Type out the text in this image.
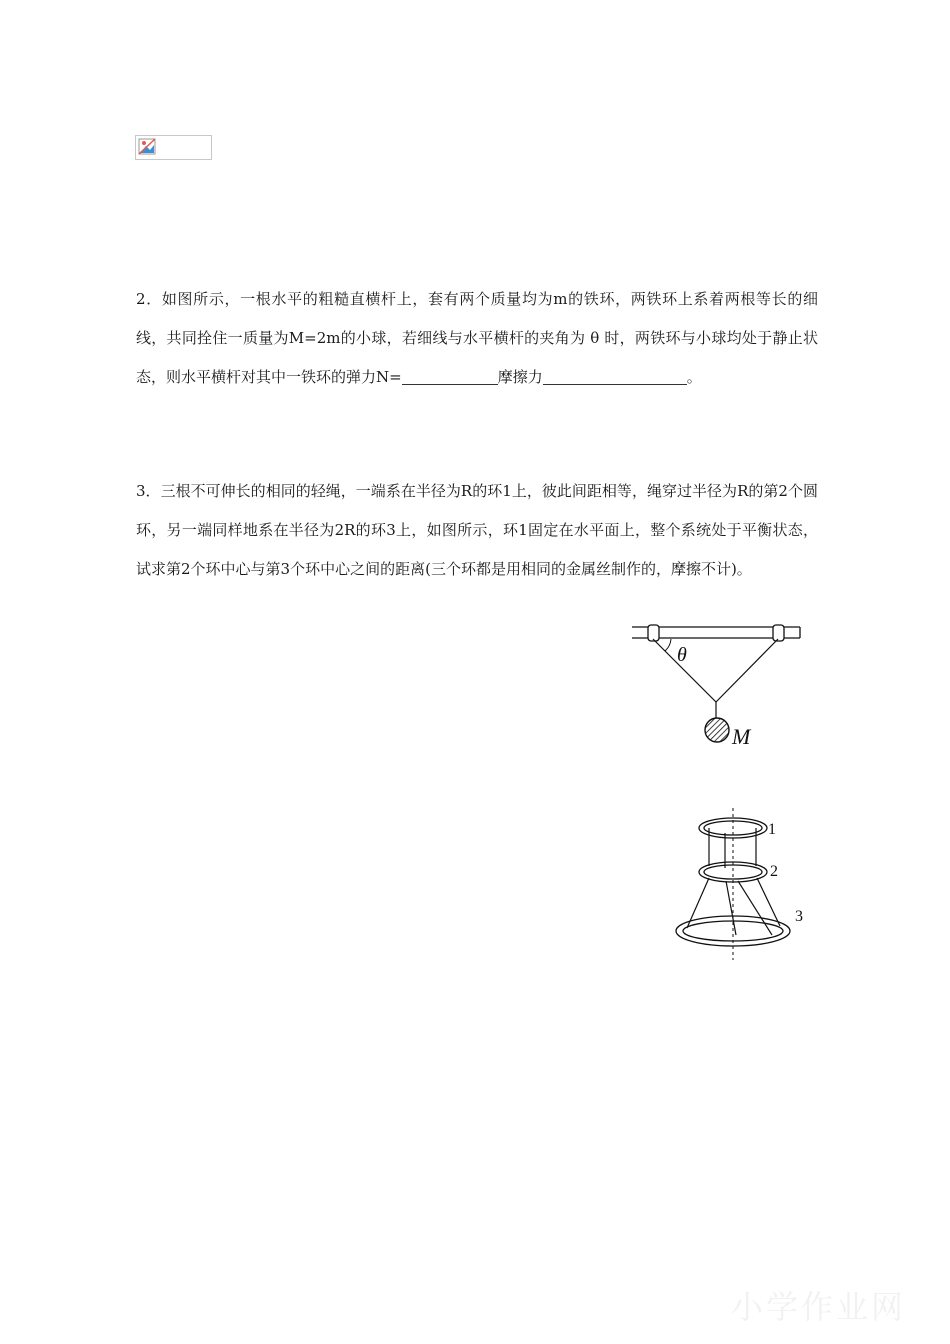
2．如图所示，一根水平的粗糙直横杆上，套有两个质量均为m的铁环，两铁环上系着两根等长的细线，共同拴住一质量为M=2m的小球，若细线与水平横杆的夹角为 θ 时，两铁环与小球均处于静止状态，则水平横杆对其中一铁环的弹力N=	摩擦力	。

3．三根不可伸长的相同的轻绳，一端系在半径为R的环1上，彼此间距相等，绳穿过半径为R的第2个圆环，另一端同样地系在半径为2R的环3上，如图所示，环1固定在水平面上，整个系统处于平衡状态，试求第2个环中心与第3个环中心之间的距离(三个环都是用相同的金属丝制作的，摩擦不计)。

θ
M
1
2
3
小学作业网
